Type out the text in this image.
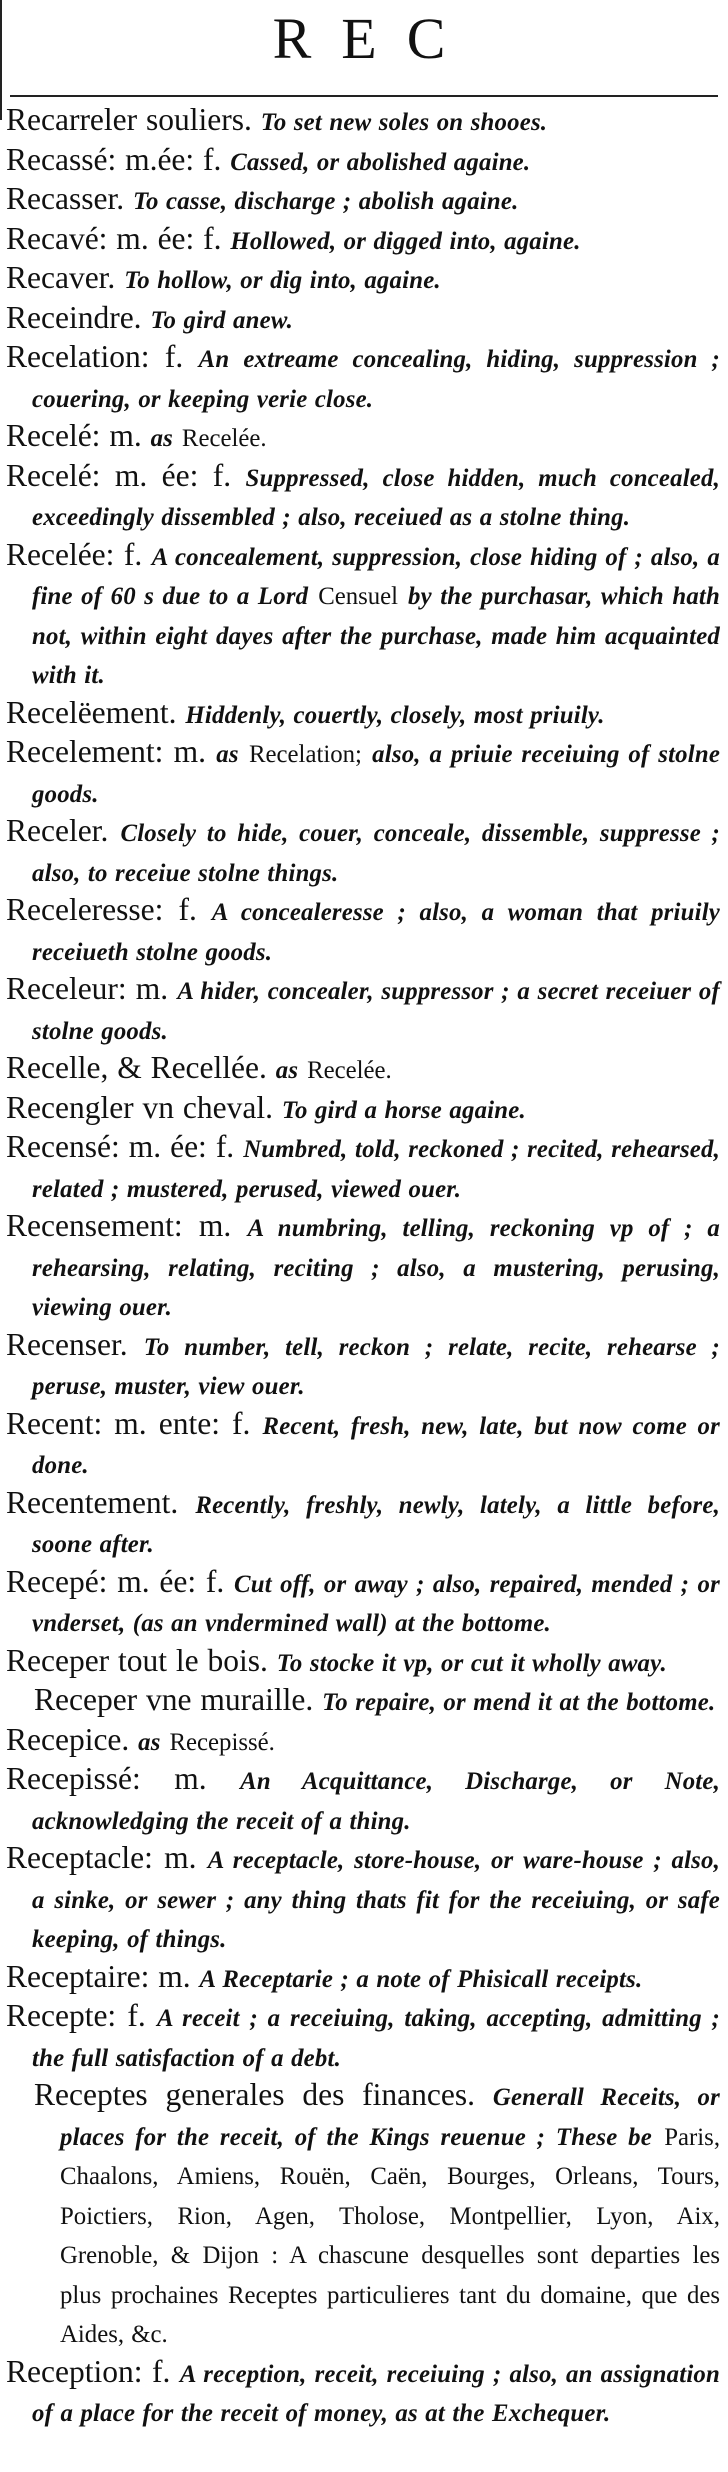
REC

Recarreler souliers. To set new soles on shooes.

Recassé: m.ée: f. Cassed, or abolished againe.

Recasser. To casse, discharge ; abolish againe.

Recavé: m. ée: f. Hollowed, or digged into, againe.

Recaver. To hollow, or dig into, againe.

Receindre. To gird anew.

Recelation: f. An extreame concealing, hiding, suppression ; couering, or keeping verie close.

Recelé: m. as Recelée.

Recelé: m. ée: f. Suppressed, close hidden, much concealed, exceedingly dissembled ; also, receiued as a stolne thing.

Recelée: f. A concealement, suppression, close hiding of ; also, a fine of 60 s due to a Lord Censuel by the purchasar, which hath not, within eight dayes after the purchase, made him acquainted with it.

Recelëement. Hiddenly, couertly, closely, most priuily.

Recelement: m. as Recelation; also, a priuie receiuing of stolne goods.

Receler. Closely to hide, couer, conceale, dissemble, suppresse ; also, to receiue stolne things.

Receleresse: f. A concealeresse ; also, a woman that priuily receiueth stolne goods.

Receleur: m. A hider, concealer, suppressor ; a secret receiuer of stolne goods.

Recelle, & Recellée. as Recelée.

Recengler vn cheval. To gird a horse againe.

Recensé: m. ée: f. Numbred, told, reckoned ; recited, rehearsed, related ; mustered, perused, viewed ouer.

Recensement: m. A numbring, telling, reckoning vp of ; a rehearsing, relating, reciting ; also, a mustering, perusing, viewing ouer.

Recenser. To number, tell, reckon ; relate, recite, rehearse ; peruse, muster, view ouer.

Recent: m. ente: f. Recent, fresh, new, late, but now come or done.

Recentement. Recently, freshly, newly, lately, a little before, soone after.

Recepé: m. ée: f. Cut off, or away ; also, repaired, mended ; or vnderset, (as an vndermined wall) at the bottome.

Receper tout le bois. To stocke it vp, or cut it wholly away.

Receper vne muraille. To repaire, or mend it at the bottome.

Recepice. as Recepissé.

Recepissé: m. An Acquittance, Discharge, or Note, acknowledging the receit of a thing.

Receptacle: m. A receptacle, store-house, or ware-house ; also, a sinke, or sewer ; any thing thats fit for the receiuing, or safe keeping, of things.

Receptaire: m. A Receptarie ; a note of Phisicall receipts.

Recepte: f. A receit ; a receiuing, taking, accepting, admitting ; the full satisfaction of a debt.

Receptes generales des finances. Generall Receits, or places for the receit, of the Kings reuenue ; These be Paris, Chaalons, Amiens, Rouën, Caën, Bourges, Orleans, Tours, Poictiers, Rion, Agen, Tholose, Montpellier, Lyon, Aix, Grenoble, & Dijon : A chascune desquelles sont departies les plus prochaines Receptes particulieres tant du domaine, que des Aides, &c.

Reception: f. A reception, receit, receiuing ; also, an assignation of a place for the receit of money, as at the Exchequer.
